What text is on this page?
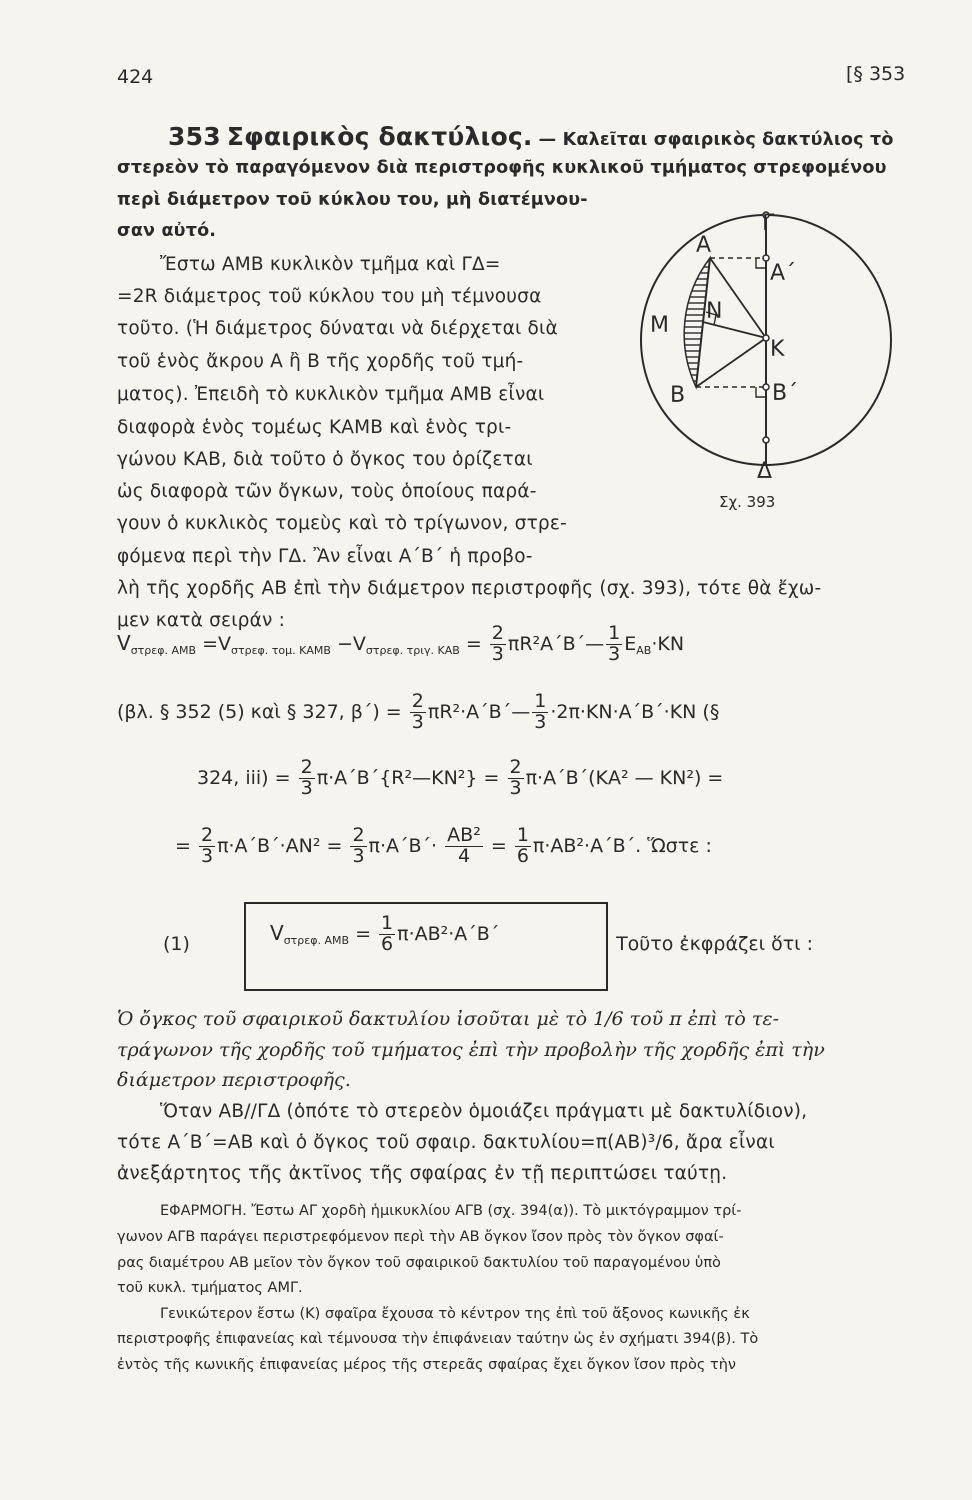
424	[§ 353
353 Σφαιρικὸς δακτύλιος. — Καλεῖται σφαιρικὸς δακτύλιος τὸ
στερεὸν τὸ παραγόμενον διὰ περιστροφῆς κυκλικοῦ τμήματος στρεφομένου
περὶ διάμετρον τοῦ κύκλου του, μὴ διατέμνου-
σαν αὐτό.
Ἔστω ΑΜΒ κυκλικὸν τμῆμα καὶ ΓΔ=
=2R διάμετρος τοῦ κύκλου του μὴ τέμνουσα
τοῦτο. (Ἡ διάμετρος δύναται νὰ διέρχεται διὰ
τοῦ ἑνὸς ἄκρου Α ἢ Β τῆς χορδῆς τοῦ τμή-
ματος). Ἐπειδὴ τὸ κυκλικὸν τμῆμα ΑΜΒ εἶναι
διαφορὰ ἑνὸς τομέως ΚΑΜΒ καὶ ἑνὸς τρι-
γώνου ΚΑΒ, διὰ τοῦτο ὁ ὄγκος του ὁρίζεται
ὡς διαφορὰ τῶν ὄγκων, τοὺς ὁποίους παρά-
γουν ὁ κυκλικὸς τομεὺς καὶ τὸ τρίγωνον, στρε-
φόμενα περὶ τὴν ΓΔ. Ἂν εἶναι Α΄Β΄ ἡ προβο-
λὴ τῆς χορδῆς ΑΒ ἐπὶ τὴν διάμετρον περιστροφῆς (σχ. 393), τότε θὰ ἔχω-
μεν κατὰ σειράν :
Α
Γ
Α΄
Μ
Ν
Κ
Β	Β΄
Δ
Σχ. 393
$V_{\sigma\tau\rho\varepsilon\varphi. AMB} =V_{\sigma\tau\rho\varepsilon\varphi. \tau o\mu. KAMB} -V_{\sigma\tau\rho\varepsilon\varphi. \tau\rho\iota\gamma. KAB} = \frac{2}{3}$ πR²Α΄Β΄— $\frac{1}{3} E_{AB}\cdot KN$
(βλ. § 352 (5) καὶ § 327, $\beta΄) = \frac{2}{3}$ πR²·Α΄Β΄— $\frac{1}{3} \cdot 2\pi\cdot KN\cdot A΄B΄\cdot KN$ (§
324, $iii) = \frac{2}{3}$ π·Α΄Β΄{R²—ΚΝ²} = $\frac{2}{3} \pi\cdot A΄B΄(KA^2$ — ΚΝ²) =
= $\frac{2}{3} \pi\cdot A΄B΄\cdot AN^2 = \frac{2}{3} \pi\cdot A΄B΄\cdot \frac{\text{ΑΒ²}}{4} = \frac{1}{6} \pi\cdot AB^2\cdot A΄B΄$. Ὥστε :
(1)	$V_{\sigma\tau\rho\varepsilon\varphi. AMB} = \frac{1}{6} \pi\cdot AB^2\cdot A΄B΄$	. Τοῦτο ἐκφράζει ὅτι :
Ὁ ὄγκος τοῦ σφαιρικοῦ δακτυλίου ἰσοῦται μὲ τὸ 1/6 τοῦ π ἐπὶ τὸ τε-
τράγωνον τῆς χορδῆς τοῦ τμήματος ἐπὶ τὴν προβολὴν τῆς χορδῆς ἐπὶ τὴν
διάμετρον περιστροφῆς.
Ὅταν ΑΒ//ΓΔ (ὁπότε τὸ στερεὸν ὁμοιάζει πράγματι μὲ δακτυλίδιον),
τότε Α΄Β΄=ΑΒ καὶ ὁ ὄγκος τοῦ σφαιρ. δακτυλίου=π(ΑΒ)³/6, ἄρα εἶναι
ἀνεξάρτητος τῆς ἀκτῖνος τῆς σφαίρας ἐν τῇ περιπτώσει ταύτῃ.
ΕΦΑΡΜΟΓΗ. Ἔστω ΑΓ χορδὴ ἡμικυκλίου ΑΓΒ (σχ. 394(α)). Τὸ μικτόγραμμον τρί-
γωνον ΑΓΒ παράγει περιστρεφόμενον περὶ τὴν ΑΒ ὄγκον ἴσον πρὸς τὸν ὄγκον σφαί-
ρας διαμέτρου ΑΒ μεῖον τὸν ὄγκον τοῦ σφαιρικοῦ δακτυλίου τοῦ παραγομένου ὑπὸ
τοῦ κυκλ. τμήματος ΑΜΓ.
Γενικώτερον ἔστω (Κ) σφαῖρα ἔχουσα τὸ κέντρον της ἐπὶ τοῦ ἄξονος κωνικῆς ἐκ
περιστροφῆς ἐπιφανείας καὶ τέμνουσα τὴν ἐπιφάνειαν ταύτην ὡς ἐν σχήματι 394(β). Τὸ
ἐντὸς τῆς κωνικῆς ἐπιφανείας μέρος τῆς στερεᾶς σφαίρας ἔχει ὄγκον ἴσον πρὸς τὴν
